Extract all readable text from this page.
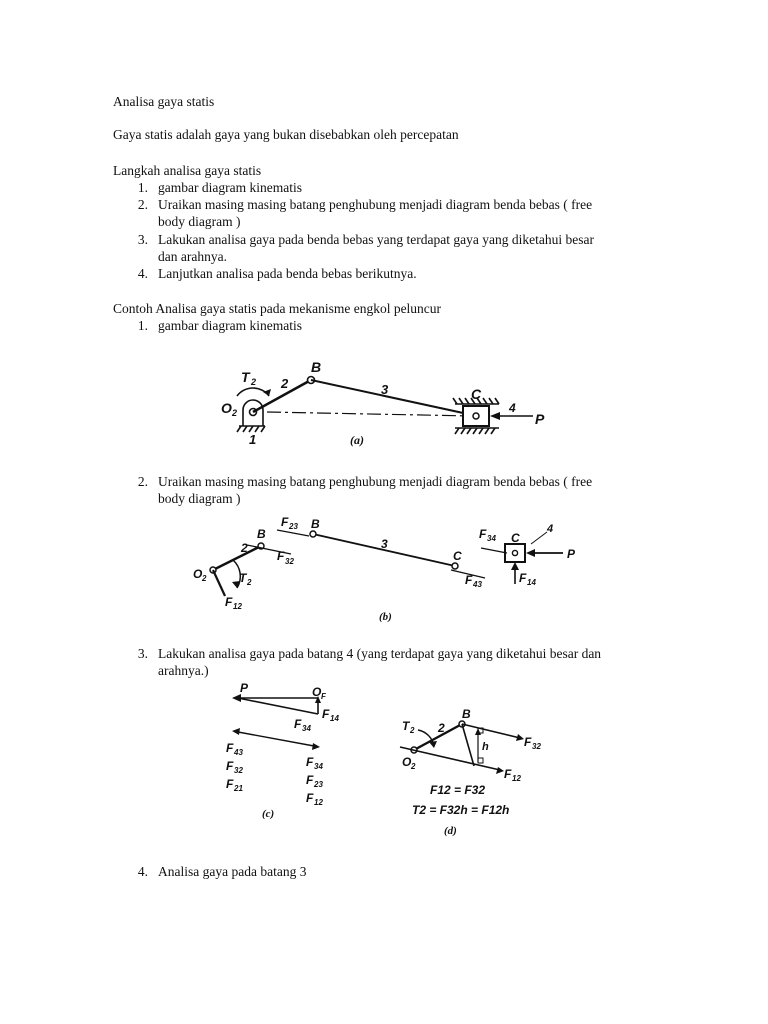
Analisa gaya statis
Gaya statis adalah gaya yang bukan disebabkan oleh percepatan
Langkah analisa gaya statis
1. gambar diagram kinematis
2. Uraikan masing masing batang penghubung menjadi diagram benda bebas ( free
body diagram )
3. Lakukan analisa gaya pada benda bebas yang terdapat gaya yang diketahui besar
dan arahnya.
4. Lanjutkan analisa pada benda bebas berikutnya.
Contoh Analisa gaya statis pada mekanisme engkol peluncur
1. gambar diagram kinematis
T 2
O 2
2
B
3	C
4
P
1	(a)
2. Uraikan masing masing batang penghubung menjadi diagram benda bebas ( free
body diagram )
F 23 B
B
2
F 32
3
O 2	T 2
F 12
C
F 43
F 34 C
4
P
F 14
(b)
3. Lakukan analisa gaya pada batang 4 (yang terdapat gaya yang diketahui besar dan
arahnya.)
P	O F
F 14
F 34
F 43
F 32
F 21
F 34
F 23
F 12
(c)
T 2 2
B
F 32
h
O 2
F 12
F12 = F32
T2 = F32h = F12h
(d)
4. Analisa gaya pada batang 3
